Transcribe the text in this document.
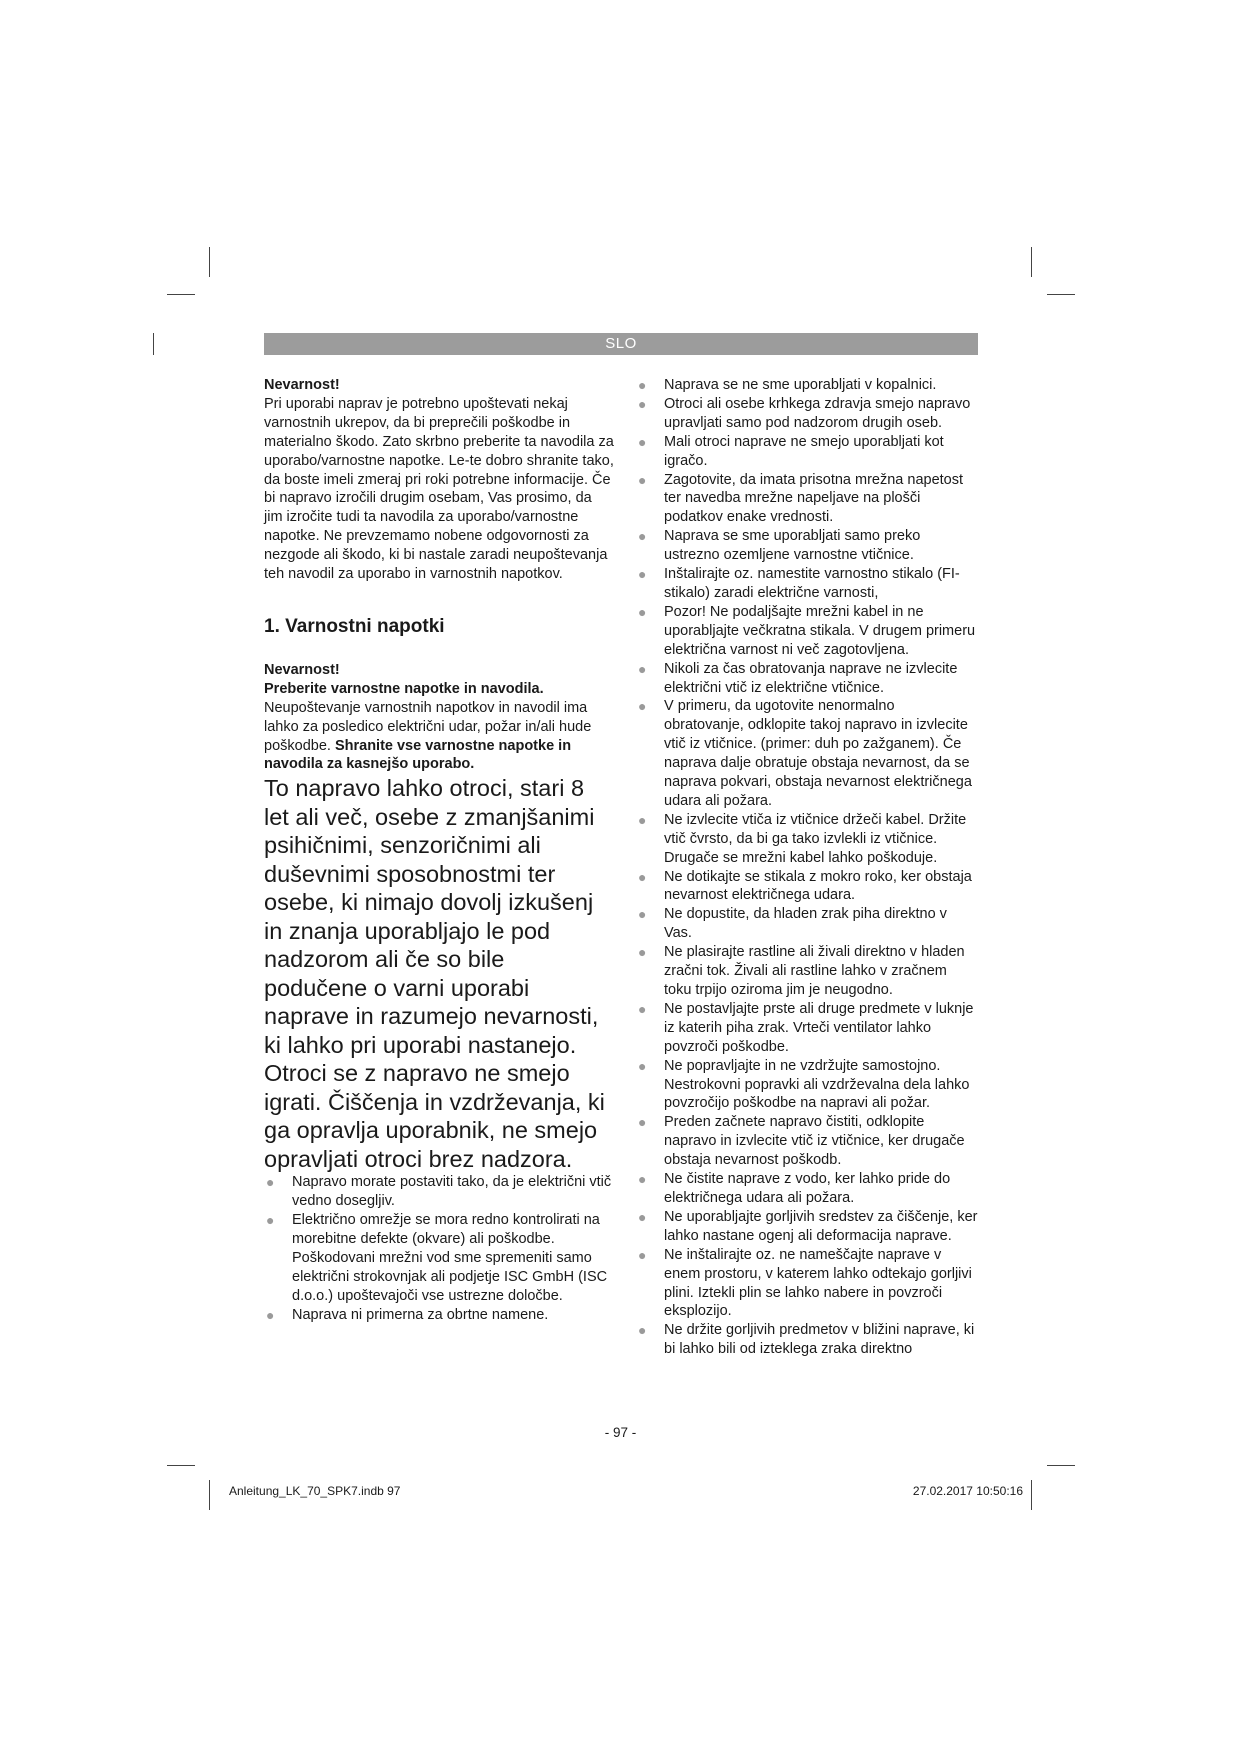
SLO

Nevarnost!

Pri uporabi naprav je potrebno upoštevati nekaj varnostnih ukrepov, da bi preprečili poškodbe in materialno škodo. Zato skrbno preberite ta navodila za uporabo/varnostne napotke. Le-te dobro shranite tako, da boste imeli zmeraj pri roki potrebne informacije. Če bi napravo izročili drugim osebam, Vas prosimo, da jim izročite tudi ta navodila za uporabo/varnostne napotke. Ne prevzemamo nobene odgovornosti za nezgode ali škodo, ki bi nastale zaradi neupoštevanja teh navodil za uporabo in varnostnih napotkov.

1. Varnostni napotki

Nevarnost!

Preberite varnostne napotke in navodila.

Neupoštevanje varnostnih napotkov in navodil ima lahko za posledico električni udar, požar in/ali hude poškodbe. Shranite vse varnostne napotke in navodila za kasnejšo uporabo.

To napravo lahko otroci, stari 8 let ali več, osebe z zmanjšanimi psihičnimi, senzoričnimi ali duševnimi sposobnostmi ter osebe, ki nimajo dovolj izkušenj in znanja uporabljajo le pod nadzorom ali če so bile podučene o varni uporabi naprave in razumejo nevarnosti, ki lahko pri uporabi nastanejo. Otroci se z napravo ne smejo igrati. Čiščenja in vzdrževanja, ki ga opravlja uporabnik, ne smejo opravljati otroci brez nadzora.

● Napravo morate postaviti tako, da je električni vtič vedno dosegljiv.
● Električno omrežje se mora redno kontrolirati na morebitne defekte (okvare) ali poškodbe. Poškodovani mrežni vod sme spremeniti samo električni strokovnjak ali podjetje ISC GmbH (ISC d.o.o.) upoštevajoči vse ustrezne določbe.
● Naprava ni primerna za obrtne namene.
● Naprava se ne sme uporabljati v kopalnici.
● Otroci ali osebe krhkega zdravja smejo napravo upravljati samo pod nadzorom drugih oseb.
● Mali otroci naprave ne smejo uporabljati kot igračo.
● Zagotovite, da imata prisotna mrežna napetost ter navedba mrežne napeljave na plošči podatkov enake vrednosti.
● Naprava se sme uporabljati samo preko ustrezno ozemljene varnostne vtičnice.
● Inštalirajte oz. namestite varnostno stikalo (FI-stikalo) zaradi električne varnosti,
● Pozor! Ne podaljšajte mrežni kabel in ne uporabljajte večkratna stikala. V drugem primeru električna varnost ni več zagotovljena.
● Nikoli za čas obratovanja naprave ne izvlecite električni vtič iz električne vtičnice.
● V primeru, da ugotovite nenormalno obratovanje, odklopite takoj napravo in izvlecite vtič iz vtičnice. (primer: duh po zažganem). Če naprava dalje obratuje obstaja nevarnost, da se naprava pokvari, obstaja nevarnost električnega udara ali požara.
● Ne izvlecite vtiča iz vtičnice držeči kabel. Držite vtič čvrsto, da bi ga tako izvlekli iz vtičnice. Drugače se mrežni kabel lahko poškoduje.
● Ne dotikajte se stikala z mokro roko, ker obstaja nevarnost električnega udara.
● Ne dopustite, da hladen zrak piha direktno v Vas.
● Ne plasirajte rastline ali živali direktno v hladen zračni tok. Živali ali rastline lahko v zračnem toku trpijo oziroma jim je neugodno.
● Ne postavljajte prste ali druge predmete v luknje iz katerih piha zrak. Vrteči ventilator lahko povzroči poškodbe.
● Ne popravljajte in ne vzdržujte samostojno. Nestrokovni popravki ali vzdrževalna dela lahko povzročijo poškodbe na napravi ali požar.
● Preden začnete napravo čistiti, odklopite napravo in izvlecite vtič iz vtičnice, ker drugače obstaja nevarnost poškodb.
● Ne čistite naprave z vodo, ker lahko pride do električnega udara ali požara.
● Ne uporabljajte gorljivih sredstev za čiščenje, ker lahko nastane ogenj ali deformacija naprave.
● Ne inštalirajte oz. ne nameščajte naprave v enem prostoru, v katerem lahko odtekajo gorljivi plini. Iztekli plin se lahko nabere in povzroči eksplozijo.
● Ne držite gorljivih predmetov v bližini naprave, ki bi lahko bili od izteklega zraka direktno
- 97 -
Anleitung_LK_70_SPK7.indb 97	27.02.2017 10:50:16
